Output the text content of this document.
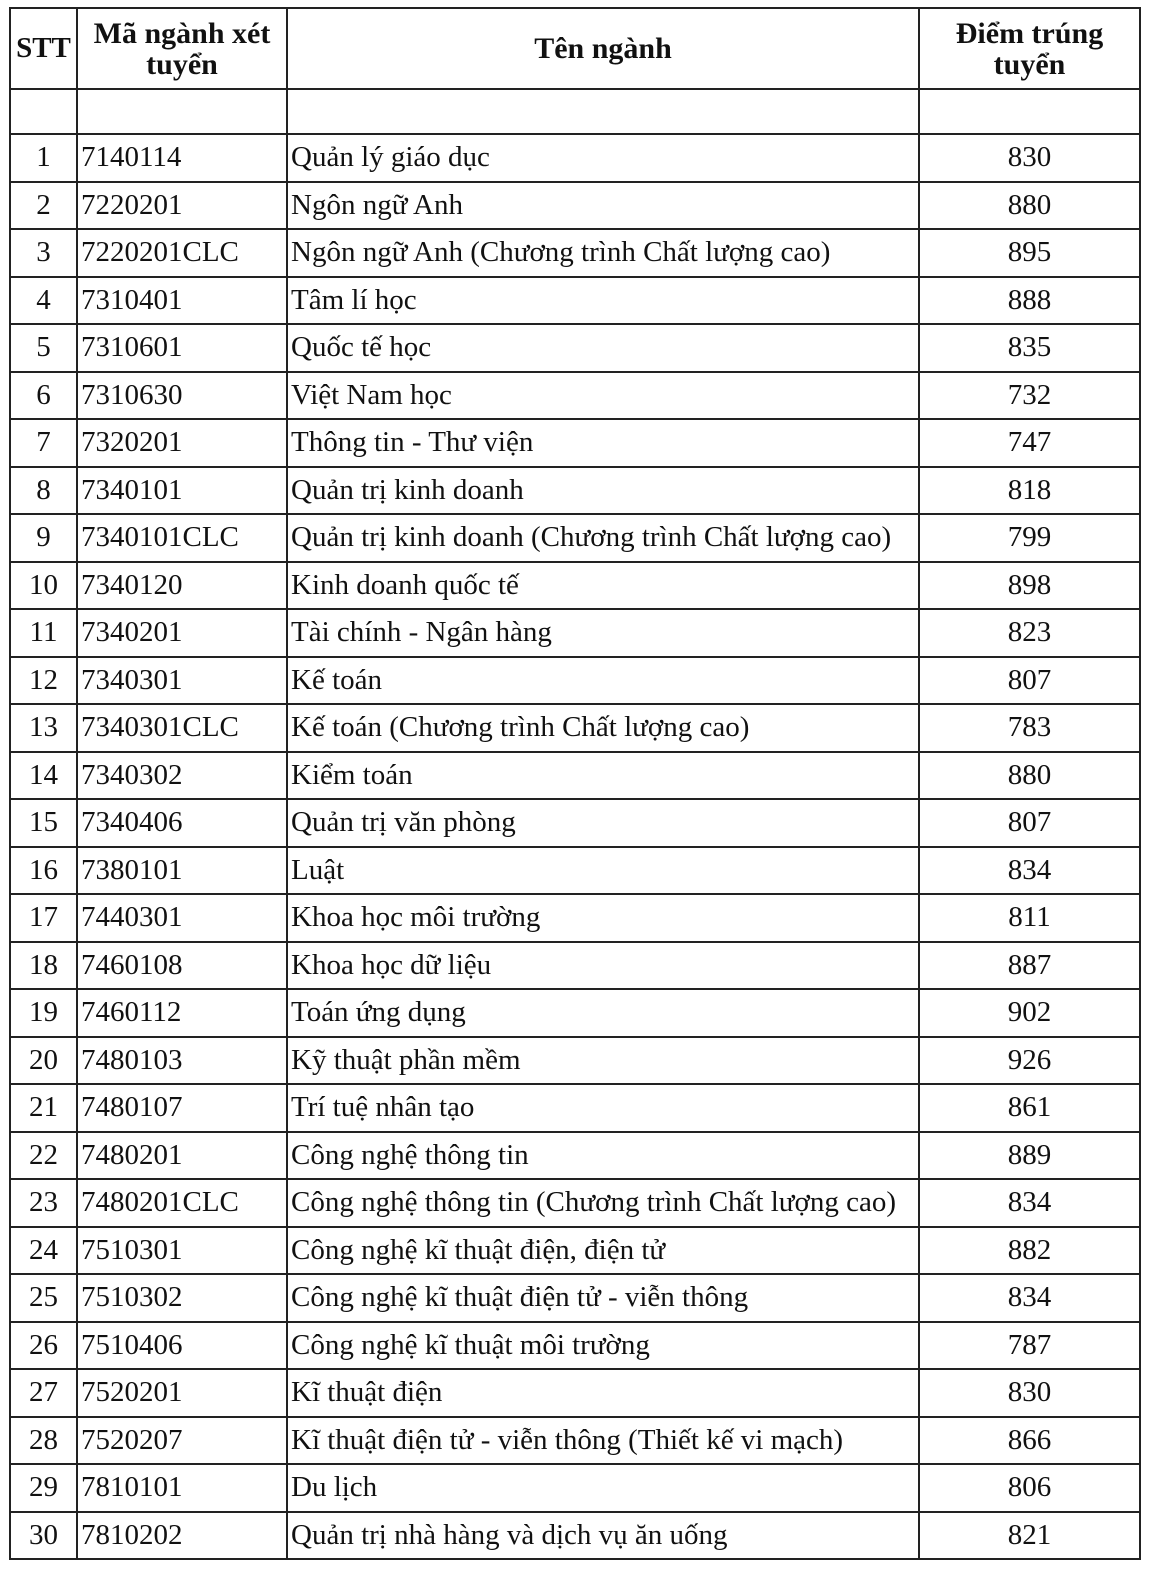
STT	Mã ngành xét tuyển	Tên ngành	Điểm trúng tuyển

1	7140114	Quản lý giáo dục	830
2	7220201	Ngôn ngữ Anh	880
3	7220201CLC	Ngôn ngữ Anh (Chương trình Chất lượng cao)	895
4	7310401	Tâm lí học	888
5	7310601	Quốc tế học	835
6	7310630	Việt Nam học	732
7	7320201	Thông tin - Thư viện	747
8	7340101	Quản trị kinh doanh	818
9	7340101CLC	Quản trị kinh doanh (Chương trình Chất lượng cao)	799
10	7340120	Kinh doanh quốc tế	898
11	7340201	Tài chính - Ngân hàng	823
12	7340301	Kế toán	807
13	7340301CLC	Kế toán (Chương trình Chất lượng cao)	783
14	7340302	Kiểm toán	880
15	7340406	Quản trị văn phòng	807
16	7380101	Luật	834
17	7440301	Khoa học môi trường	811
18	7460108	Khoa học dữ liệu	887
19	7460112	Toán ứng dụng	902
20	7480103	Kỹ thuật phần mềm	926
21	7480107	Trí tuệ nhân tạo	861
22	7480201	Công nghệ thông tin	889
23	7480201CLC	Công nghệ thông tin (Chương trình Chất lượng cao)	834
24	7510301	Công nghệ kĩ thuật điện, điện tử	882
25	7510302	Công nghệ kĩ thuật điện tử - viễn thông	834
26	7510406	Công nghệ kĩ thuật môi trường	787
27	7520201	Kĩ thuật điện	830
28	7520207	Kĩ thuật điện tử - viễn thông (Thiết kế vi mạch)	866
29	7810101	Du lịch	806
30	7810202	Quản trị nhà hàng và dịch vụ ăn uống	821
